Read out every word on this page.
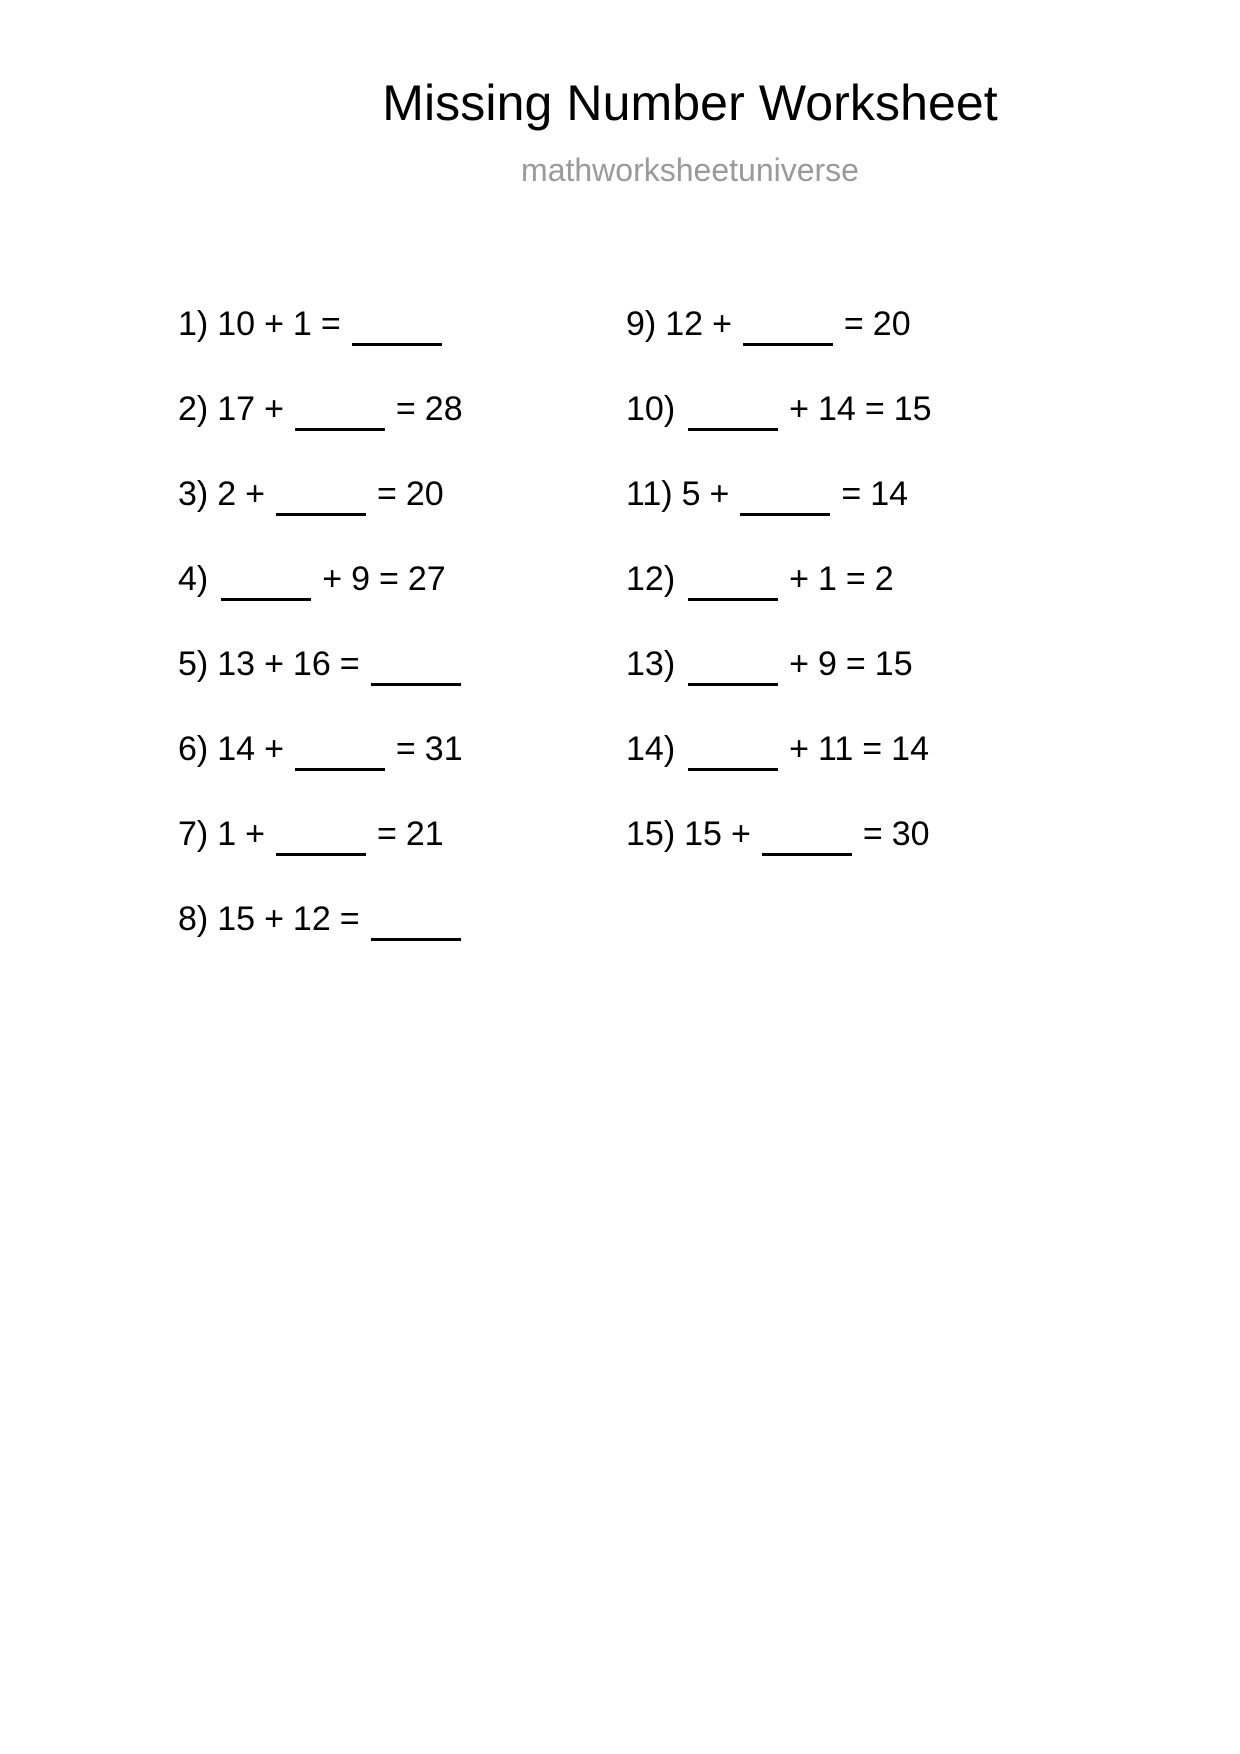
Missing Number Worksheet
mathworksheetuniverse
1) 10 + 1 =
2) 17 +	= 28
3) 2 +	= 20
4)	+ 9 = 27
5) 13 + 16 =
6) 14 +	= 31
7) 1 +	= 21
8) 15 + 12 =
9) 12 +	= 20
10)	+ 14 = 15
11) 5 +	= 14
12)	+ 1 = 2
13)	+ 9 = 15
14)	+ 11 = 14
15) 15 +	= 30
